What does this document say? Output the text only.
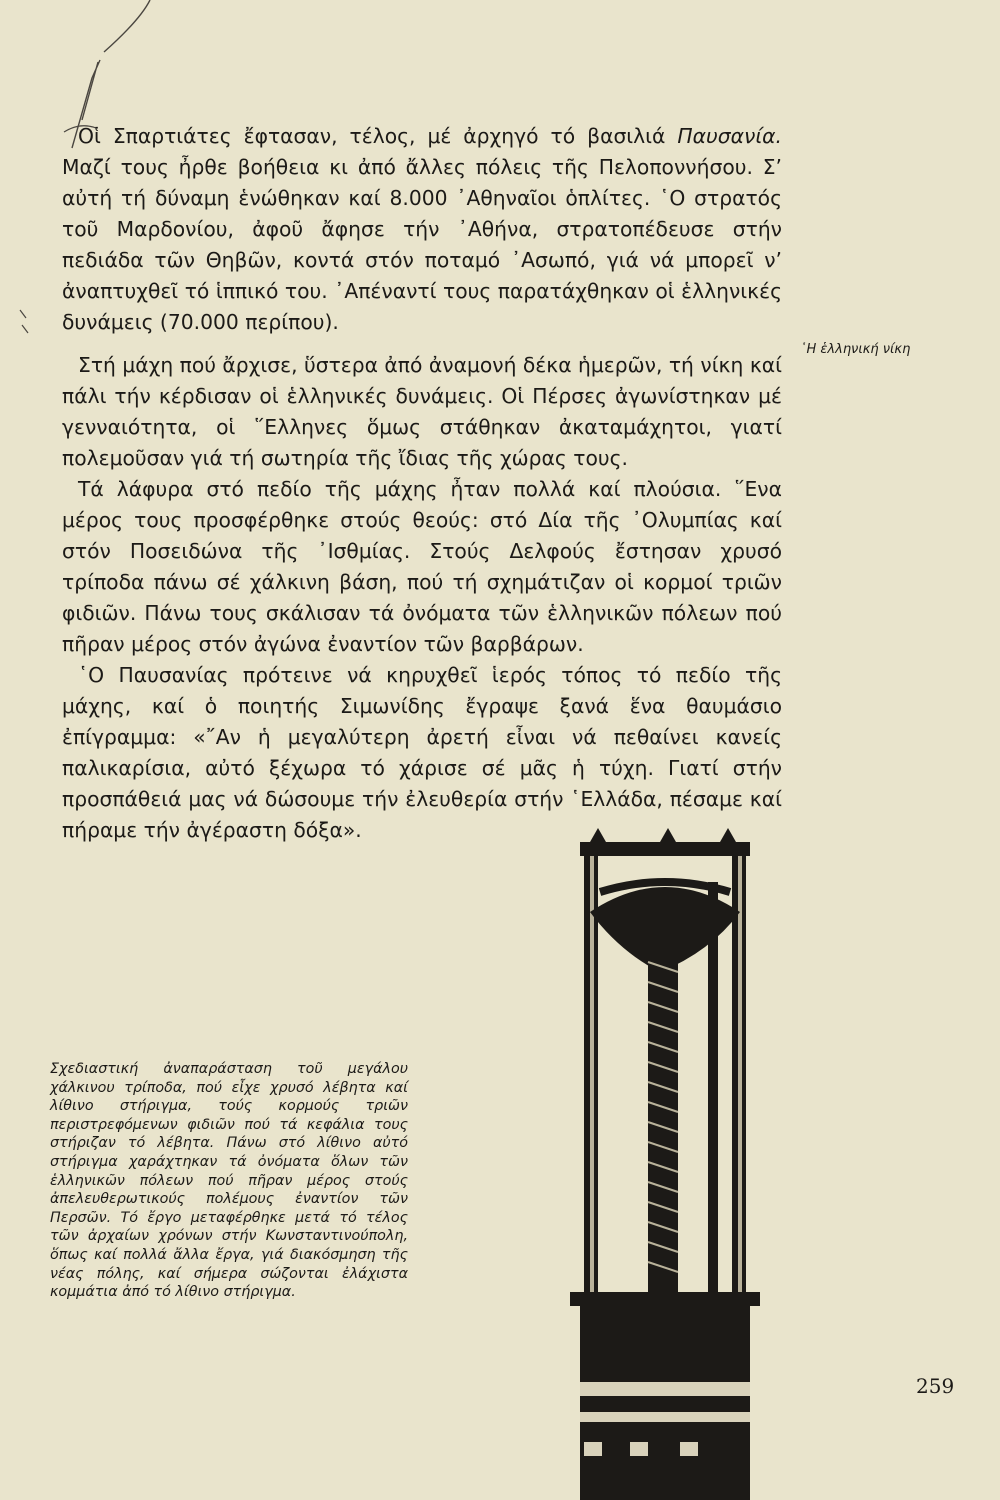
Οἱ Σπαρτιάτες ἔφτασαν, τέλος, μέ ἀρχηγό τό βασιλιά Παυσανία. Μαζί τους ἦρθε βοήθεια κι ἀπό ἄλλες πόλεις τῆς Πελοποννήσου. Σ’ αὐτή τή δύναμη ἑνώθηκαν καί 8.000 ᾿Αθηναῖοι ὁπλίτες. ῾Ο στρατός τοῦ Μαρδονίου, ἀφοῦ ἄφησε τήν ᾿Αθήνα, στρατοπέδευσε στήν πεδιάδα τῶν Θηβῶν, κοντά στόν ποταμό ᾿Ασωπό, γιά νά μπορεῖ ν’ ἀναπτυχθεῖ τό ἱππικό του. ᾿Απέναντί τους παρατάχθηκαν οἱ ἑλληνικές δυνάμεις (70.000 περίπου).

Στή μάχη πού ἄρχισε, ὕστερα ἀπό ἀναμονή δέκα ἡμερῶν, τή νίκη καί πάλι τήν κέρδισαν οἱ ἑλληνικές δυνάμεις. Οἱ Πέρσες ἀγωνίστηκαν μέ γενναιότητα, οἱ ῞Ελληνες ὅμως στάθηκαν ἀκαταμάχητοι, γιατί πολεμοῦσαν γιά τή σωτηρία τῆς ἴδιας τῆς χώρας τους.

Τά λάφυρα στό πεδίο τῆς μάχης ἦταν πολλά καί πλούσια. ῞Ενα μέρος τους προσφέρθηκε στούς θεούς: στό Δία τῆς ᾿Ολυμπίας καί στόν Ποσειδώνα τῆς ᾿Ισθμίας. Στούς Δελφούς ἔστησαν χρυσό τρίποδα πάνω σέ χάλκινη βάση, πού τή σχημάτιζαν οἱ κορμοί τριῶν φιδιῶν. Πάνω τους σκάλισαν τά ὀνόματα τῶν ἑλληνικῶν πόλεων πού πῆραν μέρος στόν ἀγώνα ἐναντίον τῶν βαρβάρων.

῾Ο Παυσανίας πρότεινε νά κηρυχθεῖ ἱερός τόπος τό πεδίο τῆς μάχης, καί ὁ ποιητής Σιμωνίδης ἔγραψε ξανά ἕνα θαυμάσιο ἐπίγραμμα: «῎Αν ἡ μεγαλύτερη ἀρετή εἶναι νά πεθαίνει κανείς παλικαρίσια, αὐτό ξέχωρα τό χάρισε σέ μᾶς ἡ τύχη. Γιατί στήν προσπάθειά μας νά δώσουμε τήν ἐλευθερία στήν ῾Ελλάδα, πέσαμε καί πήραμε τήν ἀγέραστη δόξα».

῾Η ἑλληνική νίκη
Σχεδιαστική ἀναπαράσταση τοῦ μεγάλου χάλκινου τρίποδα, πού εἶχε χρυσό λέβητα καί λίθινο στήριγμα, τούς κορμούς τριῶν περιστρεφόμενων φιδιῶν πού τά κεφάλια τους στήριζαν τό λέβητα. Πάνω στό λίθινο αὐτό στήριγμα χαράχτηκαν τά ὀνόματα ὅλων τῶν ἑλληνικῶν πόλεων πού πῆραν μέρος στούς ἀπελευθερωτικούς πολέμους ἐναντίον τῶν Περσῶν. Τό ἔργο μεταφέρθηκε μετά τό τέλος τῶν ἀρχαίων χρόνων στήν Κωνσταντινούπολη, ὅπως καί πολλά ἄλλα ἔργα, γιά διακόσμηση τῆς νέας πόλης, καί σήμερα σώζονται ἐλάχιστα κομμάτια ἀπό τό λίθινο στήριγμα.
259
